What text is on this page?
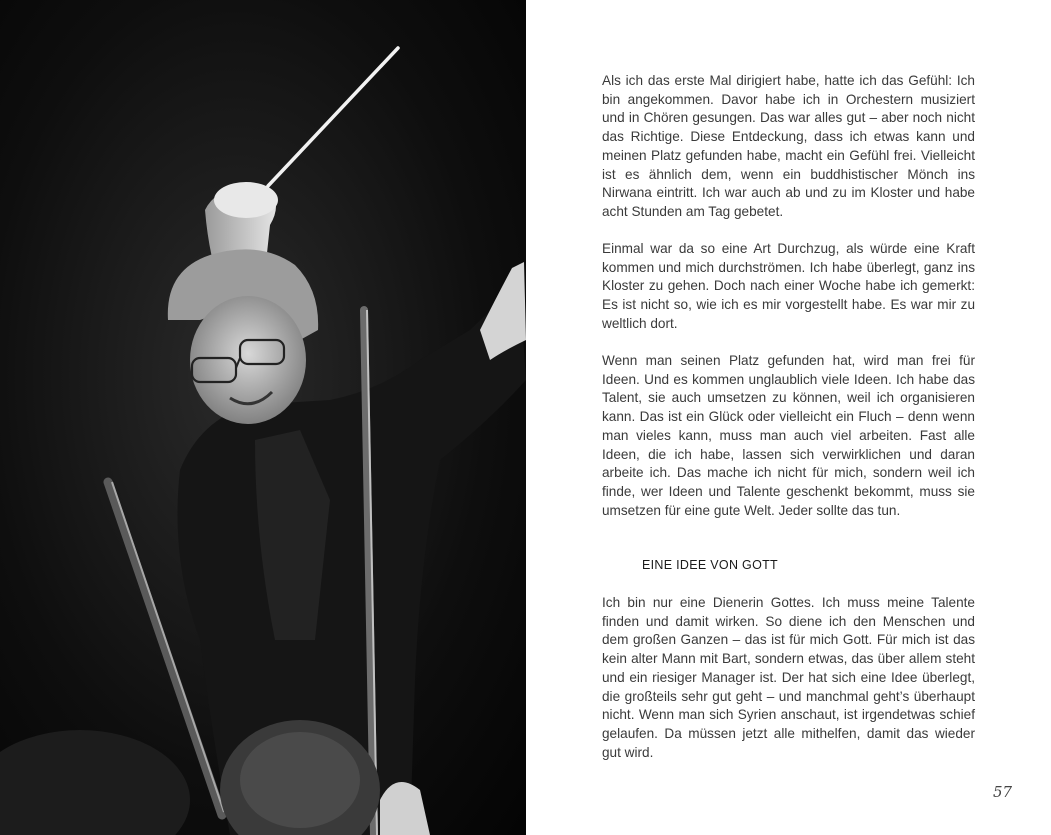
Als ich das erste Mal dirigiert habe, hatte ich das Gefühl: Ich bin angekommen. Davor habe ich in Orchestern musiziert und in Chören gesungen. Das war alles gut – aber noch nicht das Richtige. Diese Entdeckung, dass ich etwas kann und meinen Platz gefunden habe, macht ein Gefühl frei. Vielleicht ist es ähnlich dem, wenn ein buddhistischer Mönch ins Nirwana eintritt. Ich war auch ab und zu im Kloster und habe acht Stunden am Tag gebetet.

Einmal war da so eine Art Durchzug, als würde eine Kraft kommen und mich durchströmen. Ich habe überlegt, ganz ins Kloster zu gehen. Doch nach einer Woche habe ich gemerkt: Es ist nicht so, wie ich es mir vorgestellt habe. Es war mir zu weltlich dort.

Wenn man seinen Platz gefunden hat, wird man frei für Ideen. Und es kommen unglaublich viele Ideen. Ich habe das Talent, sie auch umsetzen zu können, weil ich organisieren kann. Das ist ein Glück oder vielleicht ein Fluch – denn wenn man vieles kann, muss man auch viel arbeiten. Fast alle Ideen, die ich habe, lassen sich verwirklichen und daran arbeite ich. Das mache ich nicht für mich, sondern weil ich finde, wer Ideen und Talente geschenkt bekommt, muss sie umsetzen für eine gute Welt. Jeder sollte das tun.

EINE IDEE VON GOTT

Ich bin nur eine Dienerin Gottes. Ich muss meine Talente finden und damit wirken. So diene ich den Menschen und dem großen Ganzen – das ist für mich Gott. Für mich ist das kein alter Mann mit Bart, sondern etwas, das über allem steht und ein riesiger Manager ist. Der hat sich eine Idee überlegt, die großteils sehr gut geht – und manchmal geht’s überhaupt nicht. Wenn man sich Syrien anschaut, ist irgendetwas schief gelaufen. Da müssen jetzt alle mithelfen, damit das wieder gut wird.

57
